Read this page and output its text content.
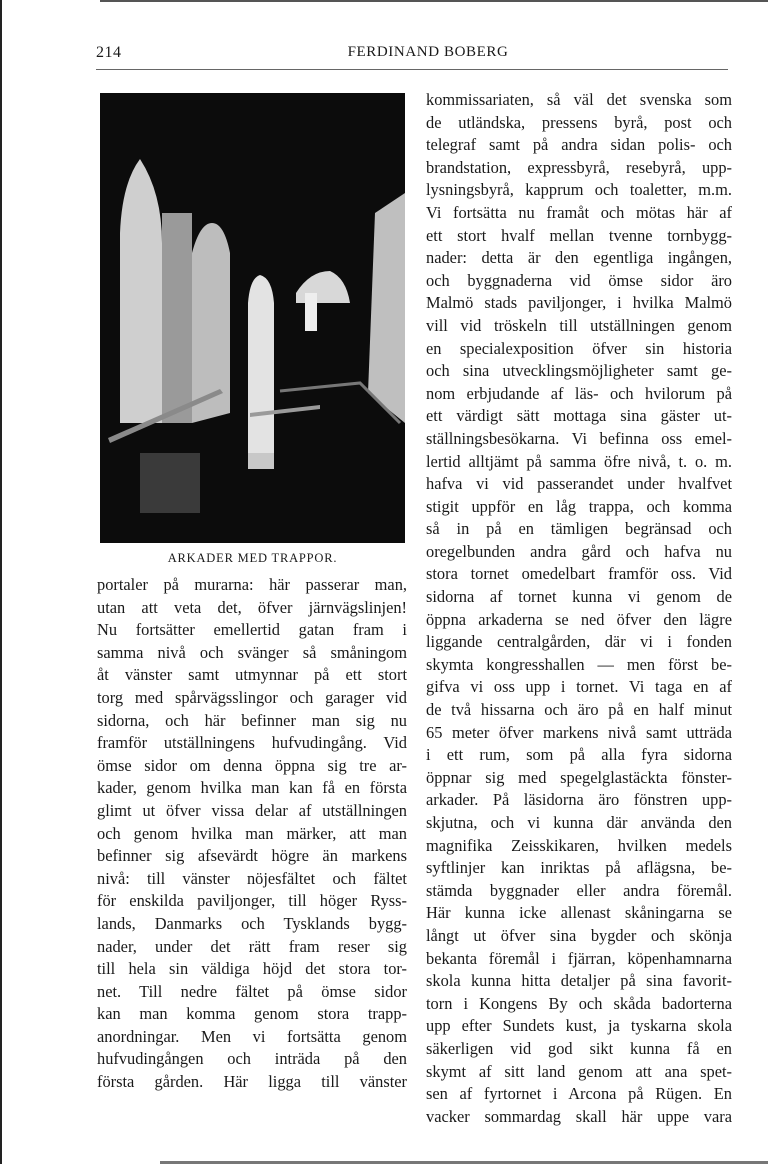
214	FERDINAND BOBERG
ARKADER MED TRAPPOR.
portaler på murarna: här passerar man,
utan att veta det, öfver järnvägslinjen!
Nu fortsätter emellertid gatan fram i
samma nivå och svänger så småningom
åt vänster samt utmynnar på ett stort
torg med spårvägsslingor och garager vid
sidorna, och här befinner man sig nu
framför utställningens hufvudingång. Vid
ömse sidor om denna öppna sig tre ar-
kader, genom hvilka man kan få en första
glimt ut öfver vissa delar af utställningen
och genom hvilka man märker, att man
befinner sig afsevärdt högre än markens
nivå: till vänster nöjesfältet och fältet
för enskilda paviljonger, till höger Ryss-
lands, Danmarks och Tysklands bygg-
nader, under det rätt fram reser sig
till hela sin väldiga höjd det stora tor-
net. Till nedre fältet på ömse sidor
kan man komma genom stora trapp-
anordningar. Men vi fortsätta genom
hufvudingången och inträda på den
första gården. Här ligga till vänster
kommissariaten, så väl det svenska som
de utländska, pressens byrå, post och
telegraf samt på andra sidan polis- och
brandstation, expressbyrå, resebyrå, upp-
lysningsbyrå, kapprum och toaletter, m.m.
Vi fortsätta nu framåt och mötas här af
ett stort hvalf mellan tvenne tornbygg-
nader: detta är den egentliga ingången,
och byggnaderna vid ömse sidor äro
Malmö stads paviljonger, i hvilka Malmö
vill vid tröskeln till utställningen genom
en specialexposition öfver sin historia
och sina utvecklingsmöjligheter samt ge-
nom erbjudande af läs- och hvilorum på
ett värdigt sätt mottaga sina gäster ut-
ställningsbesökarna. Vi befinna oss emel-
lertid alltjämt på samma öfre nivå, t. o. m.
hafva vi vid passerandet under hvalfvet
stigit uppför en låg trappa, och komma
så in på en tämligen begränsad och
oregelbunden andra gård och hafva nu
stora tornet omedelbart framför oss. Vid
sidorna af tornet kunna vi genom de
öppna arkaderna se ned öfver den lägre
liggande centralgården, där vi i fonden
skymta kongresshallen — men först be-
gifva vi oss upp i tornet. Vi taga en af
de två hissarna och äro på en half minut
65 meter öfver markens nivå samt utträda
i ett rum, som på alla fyra sidorna
öppnar sig med spegelglastäckta fönster-
arkader. På läsidorna äro fönstren upp-
skjutna, och vi kunna där använda den
magnifika Zeisskikaren, hvilken medels
syftlinjer kan inriktas på aflägsna, be-
stämda byggnader eller andra föremål.
Här kunna icke allenast skåningarna se
långt ut öfver sina bygder och skönja
bekanta föremål i fjärran, köpenhamnarna
skola kunna hitta detaljer på sina favorit-
torn i Kongens By och skåda badorterna
upp efter Sundets kust, ja tyskarna skola
säkerligen vid god sikt kunna få en
skymt af sitt land genom att ana spet-
sen af fyrtornet i Arcona på Rügen. En
vacker sommardag skall här uppe vara
